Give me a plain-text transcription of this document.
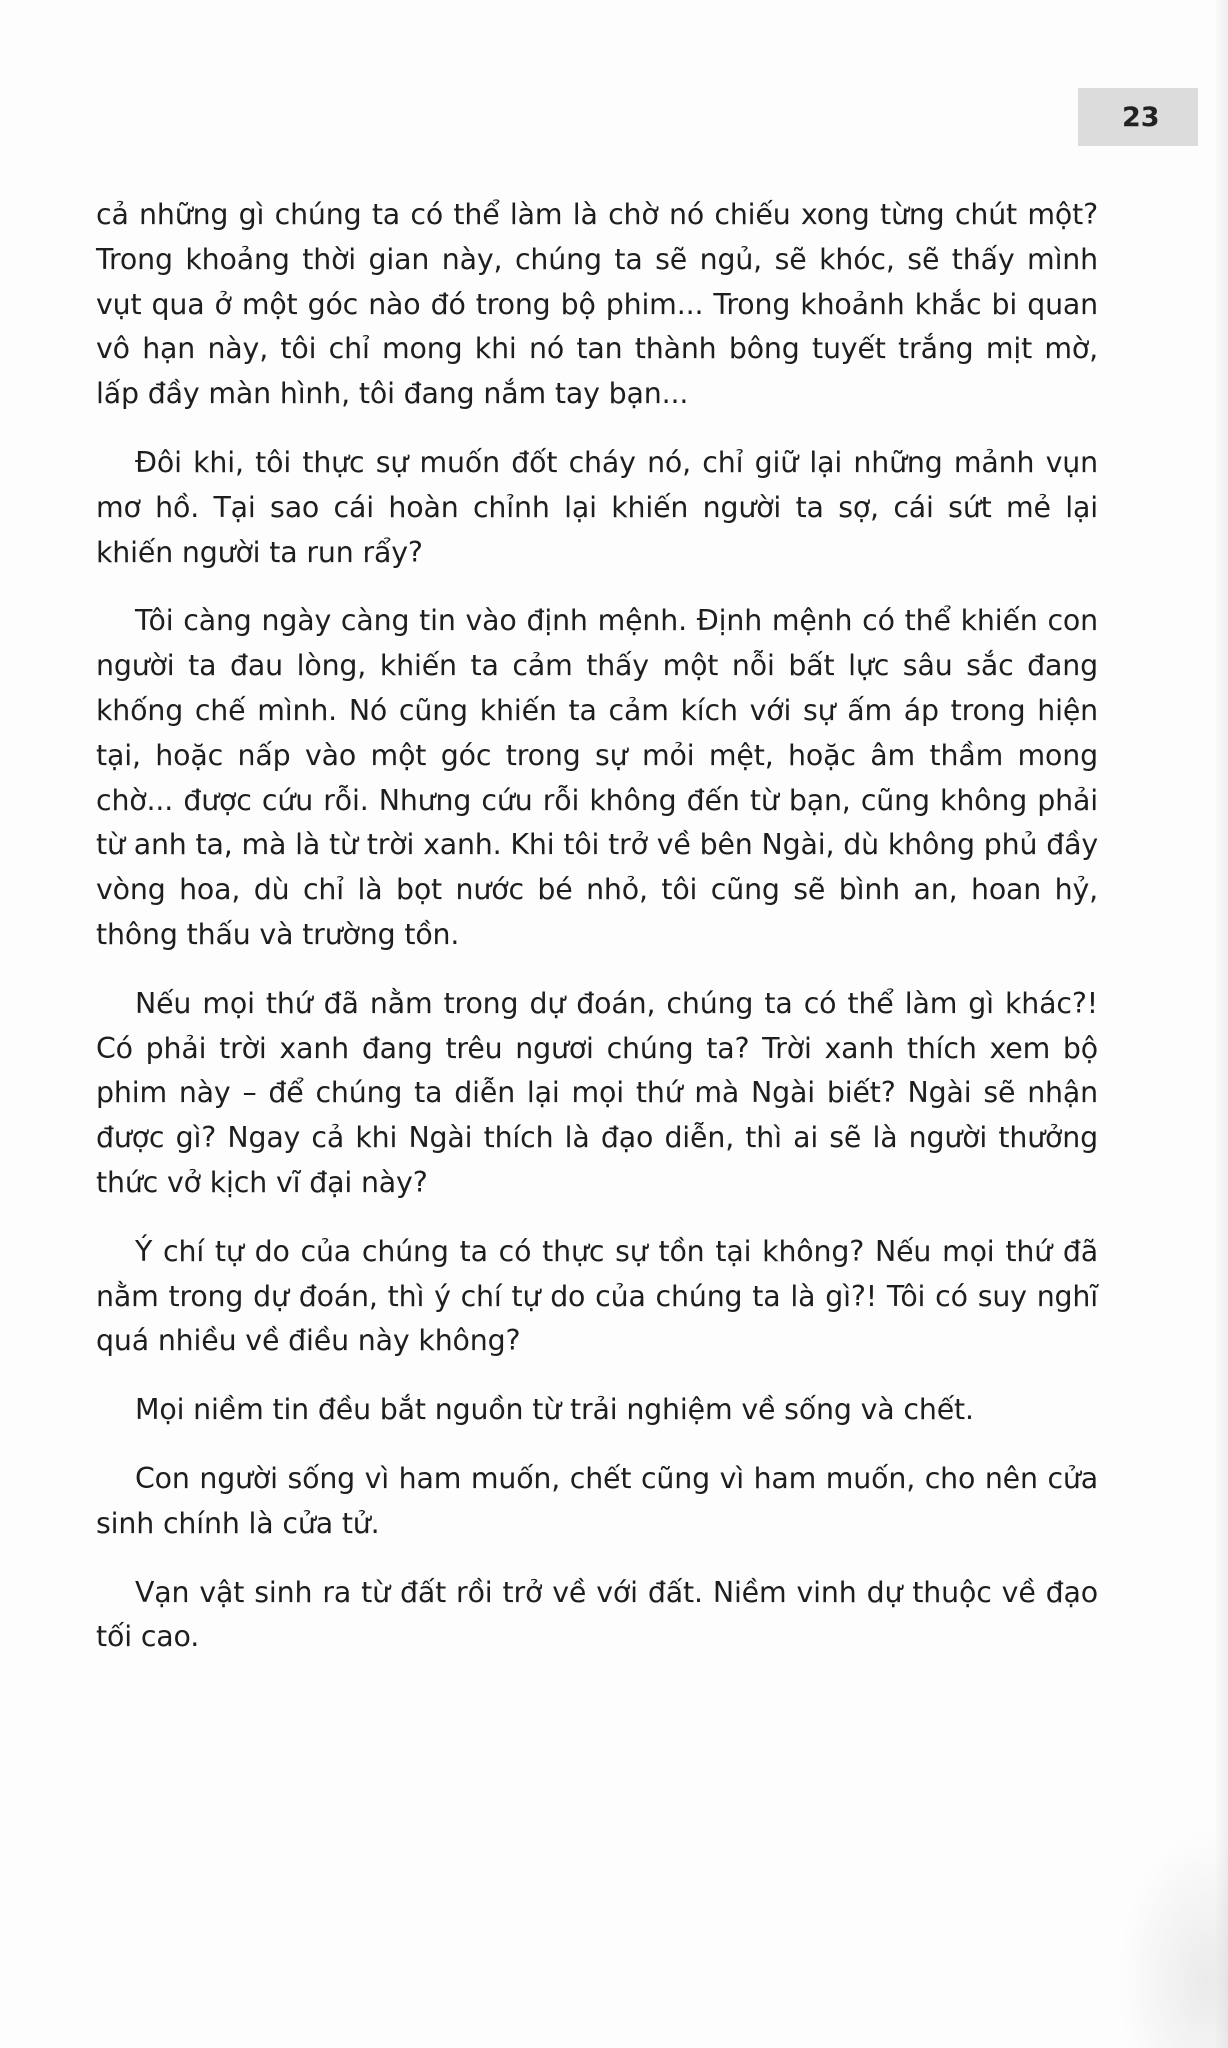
23

cả những gì chúng ta có thể làm là chờ nó chiếu xong từng chút một? Trong khoảng thời gian này, chúng ta sẽ ngủ, sẽ khóc, sẽ thấy mình vụt qua ở một góc nào đó trong bộ phim... Trong khoảnh khắc bi quan vô hạn này, tôi chỉ mong khi nó tan thành bông tuyết trắng mịt mờ, lấp đầy màn hình, tôi đang nắm tay bạn...

Đôi khi, tôi thực sự muốn đốt cháy nó, chỉ giữ lại những mảnh vụn mơ hồ. Tại sao cái hoàn chỉnh lại khiến người ta sợ, cái sứt mẻ lại khiến người ta run rẩy?

Tôi càng ngày càng tin vào định mệnh. Định mệnh có thể khiến con người ta đau lòng, khiến ta cảm thấy một nỗi bất lực sâu sắc đang khống chế mình. Nó cũng khiến ta cảm kích với sự ấm áp trong hiện tại, hoặc nấp vào một góc trong sự mỏi mệt, hoặc âm thầm mong chờ... được cứu rỗi. Nhưng cứu rỗi không đến từ bạn, cũng không phải từ anh ta, mà là từ trời xanh. Khi tôi trở về bên Ngài, dù không phủ đầy vòng hoa, dù chỉ là bọt nước bé nhỏ, tôi cũng sẽ bình an, hoan hỷ, thông thấu và trường tồn.

Nếu mọi thứ đã nằm trong dự đoán, chúng ta có thể làm gì khác?! Có phải trời xanh đang trêu ngươi chúng ta? Trời xanh thích xem bộ phim này – để chúng ta diễn lại mọi thứ mà Ngài biết? Ngài sẽ nhận được gì? Ngay cả khi Ngài thích là đạo diễn, thì ai sẽ là người thưởng thức vở kịch vĩ đại này?

Ý chí tự do của chúng ta có thực sự tồn tại không? Nếu mọi thứ đã nằm trong dự đoán, thì ý chí tự do của chúng ta là gì?! Tôi có suy nghĩ quá nhiều về điều này không?

Mọi niềm tin đều bắt nguồn từ trải nghiệm về sống và chết.

Con người sống vì ham muốn, chết cũng vì ham muốn, cho nên cửa sinh chính là cửa tử.

Vạn vật sinh ra từ đất rồi trở về với đất. Niềm vinh dự thuộc về đạo tối cao.
